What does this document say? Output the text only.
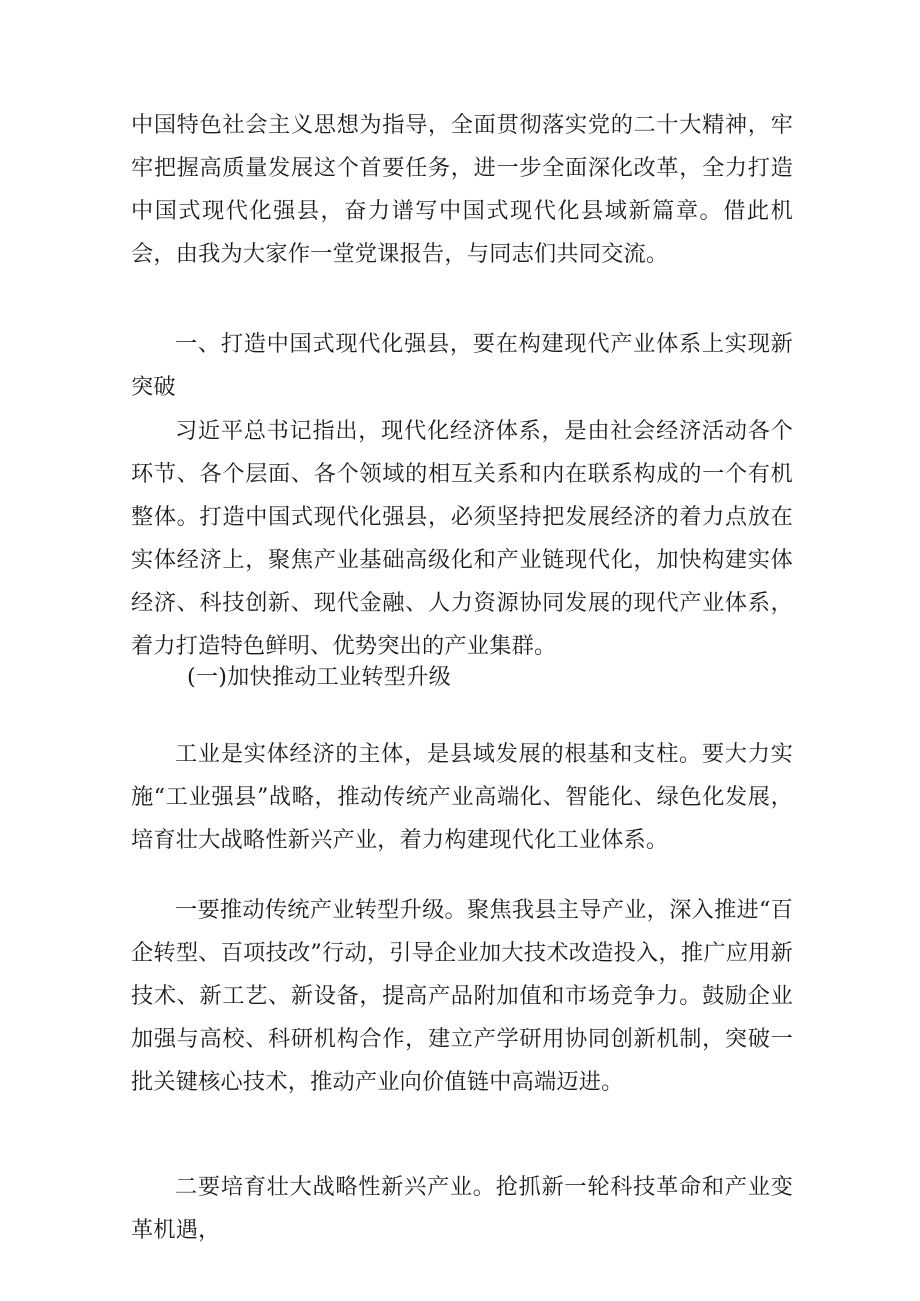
中国特色社会主义思想为指导，全面贯彻落实党的二十大精神，牢牢把握高质量发展这个首要任务，进一步全面深化改革，全力打造中国式现代化强县，奋力谱写中国式现代化县域新篇章。借此机会，由我为大家作一堂党课报告，与同志们共同交流。

一、打造中国式现代化强县，要在构建现代产业体系上实现新突破

习近平总书记指出，现代化经济体系，是由社会经济活动各个环节、各个层面、各个领域的相互关系和内在联系构成的一个有机整体。打造中国式现代化强县，必须坚持把发展经济的着力点放在实体经济上，聚焦产业基础高级化和产业链现代化，加快构建实体经济、科技创新、现代金融、人力资源协同发展的现代产业体系，着力打造特色鲜明、优势突出的产业集群。

(一)加快推动工业转型升级

工业是实体经济的主体，是县域发展的根基和支柱。要大力实施“工业强县”战略，推动传统产业高端化、智能化、绿色化发展，培育壮大战略性新兴产业，着力构建现代化工业体系。

一要推动传统产业转型升级。聚焦我县主导产业，深入推进“百企转型、百项技改”行动，引导企业加大技术改造投入，推广应用新技术、新工艺、新设备，提高产品附加值和市场竞争力。鼓励企业加强与高校、科研机构合作，建立产学研用协同创新机制，突破一批关键核心技术，推动产业向价值链中高端迈进。

二要培育壮大战略性新兴产业。抢抓新一轮科技革命和产业变革机遇，
